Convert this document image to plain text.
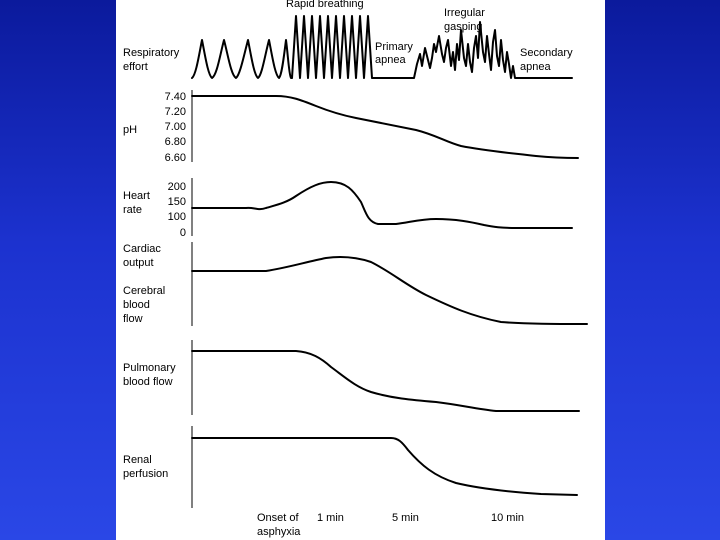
Respiratory
effort
Rapid breathing
Primary
apnea
Irregular
gasping
Secondary
apnea
pH
7.40
7.20
7.00
6.80
6.60
Heart
rate
200
150
100
0
Cardiac
output
Cerebral
blood
flow
Pulmonary
blood flow
Renal
perfusion
Onset of
asphyxia
1 min	5 min	10 min
